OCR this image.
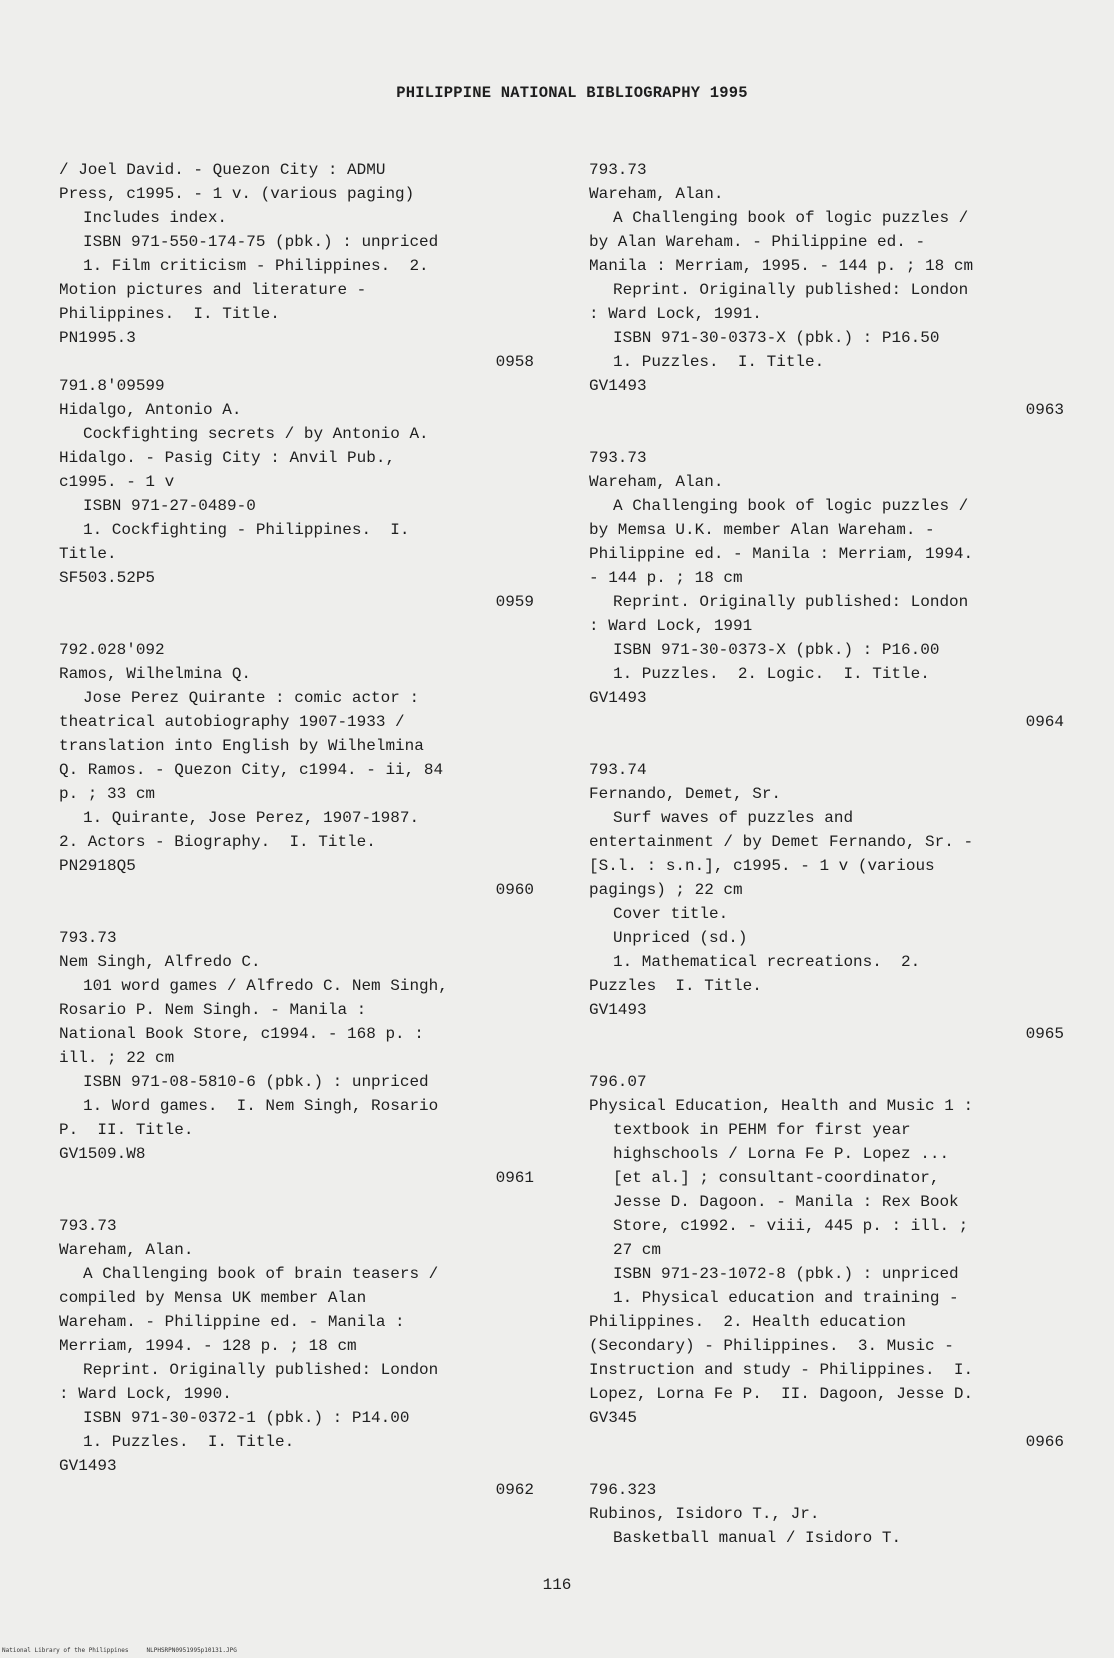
PHILIPPINE NATIONAL BIBLIOGRAPHY 1995
/ Joel David. - Quezon City : ADMU
Press, c1995. - 1 v. (various paging)
Includes index.
ISBN 971-550-174-75 (pbk.) : unpriced
1. Film criticism - Philippines.  2.
Motion pictures and literature -
Philippines.  I. Title.
PN1995.3
0958
791.8'09599
Hidalgo, Antonio A.
Cockfighting secrets / by Antonio A.
Hidalgo. - Pasig City : Anvil Pub.,
c1995. - 1 v
ISBN 971-27-0489-0
1. Cockfighting - Philippines.  I.
Title.
SF503.52P5
0959
792.028'092
Ramos, Wilhelmina Q.
Jose Perez Quirante : comic actor :
theatrical autobiography 1907-1933 /
translation into English by Wilhelmina
Q. Ramos. - Quezon City, c1994. - ii, 84
p. ; 33 cm
1. Quirante, Jose Perez, 1907-1987.
2. Actors - Biography.  I. Title.
PN2918Q5
0960
793.73
Nem Singh, Alfredo C.
101 word games / Alfredo C. Nem Singh,
Rosario P. Nem Singh. - Manila :
National Book Store, c1994. - 168 p. :
ill. ; 22 cm
ISBN 971-08-5810-6 (pbk.) : unpriced
1. Word games.  I. Nem Singh, Rosario
P.  II. Title.
GV1509.W8
0961
793.73
Wareham, Alan.
A Challenging book of brain teasers /
compiled by Mensa UK member Alan
Wareham. - Philippine ed. - Manila :
Merriam, 1994. - 128 p. ; 18 cm
Reprint. Originally published: London
: Ward Lock, 1990.
ISBN 971-30-0372-1 (pbk.) : P14.00
1. Puzzles.  I. Title.
GV1493
0962
793.73
Wareham, Alan.
A Challenging book of logic puzzles /
by Alan Wareham. - Philippine ed. -
Manila : Merriam, 1995. - 144 p. ; 18 cm
Reprint. Originally published: London
: Ward Lock, 1991.
ISBN 971-30-0373-X (pbk.) : P16.50
1. Puzzles.  I. Title.
GV1493
0963
793.73
Wareham, Alan.
A Challenging book of logic puzzles /
by Memsa U.K. member Alan Wareham. -
Philippine ed. - Manila : Merriam, 1994.
- 144 p. ; 18 cm
Reprint. Originally published: London
: Ward Lock, 1991
ISBN 971-30-0373-X (pbk.) : P16.00
1. Puzzles.  2. Logic.  I. Title.
GV1493
0964
793.74
Fernando, Demet, Sr.
Surf waves of puzzles and
entertainment / by Demet Fernando, Sr. -
[S.l. : s.n.], c1995. - 1 v (various
pagings) ; 22 cm
Cover title.
Unpriced (sd.)
1. Mathematical recreations.  2.
Puzzles  I. Title.
GV1493
0965
796.07
Physical Education, Health and Music 1 :
textbook in PEHM for first year
highschools / Lorna Fe P. Lopez ...
[et al.] ; consultant-coordinator,
Jesse D. Dagoon. - Manila : Rex Book
Store, c1992. - viii, 445 p. : ill. ;
27 cm
ISBN 971-23-1072-8 (pbk.) : unpriced
1. Physical education and training -
Philippines.  2. Health education
(Secondary) - Philippines.  3. Music -
Instruction and study - Philippines.  I.
Lopez, Lorna Fe P.  II. Dagoon, Jesse D.
GV345
0966
796.323
Rubinos, Isidoro T., Jr.
Basketball manual / Isidoro T.
116
National Library of the Philippines     NLPHSRPN0951995p10131.JPG
